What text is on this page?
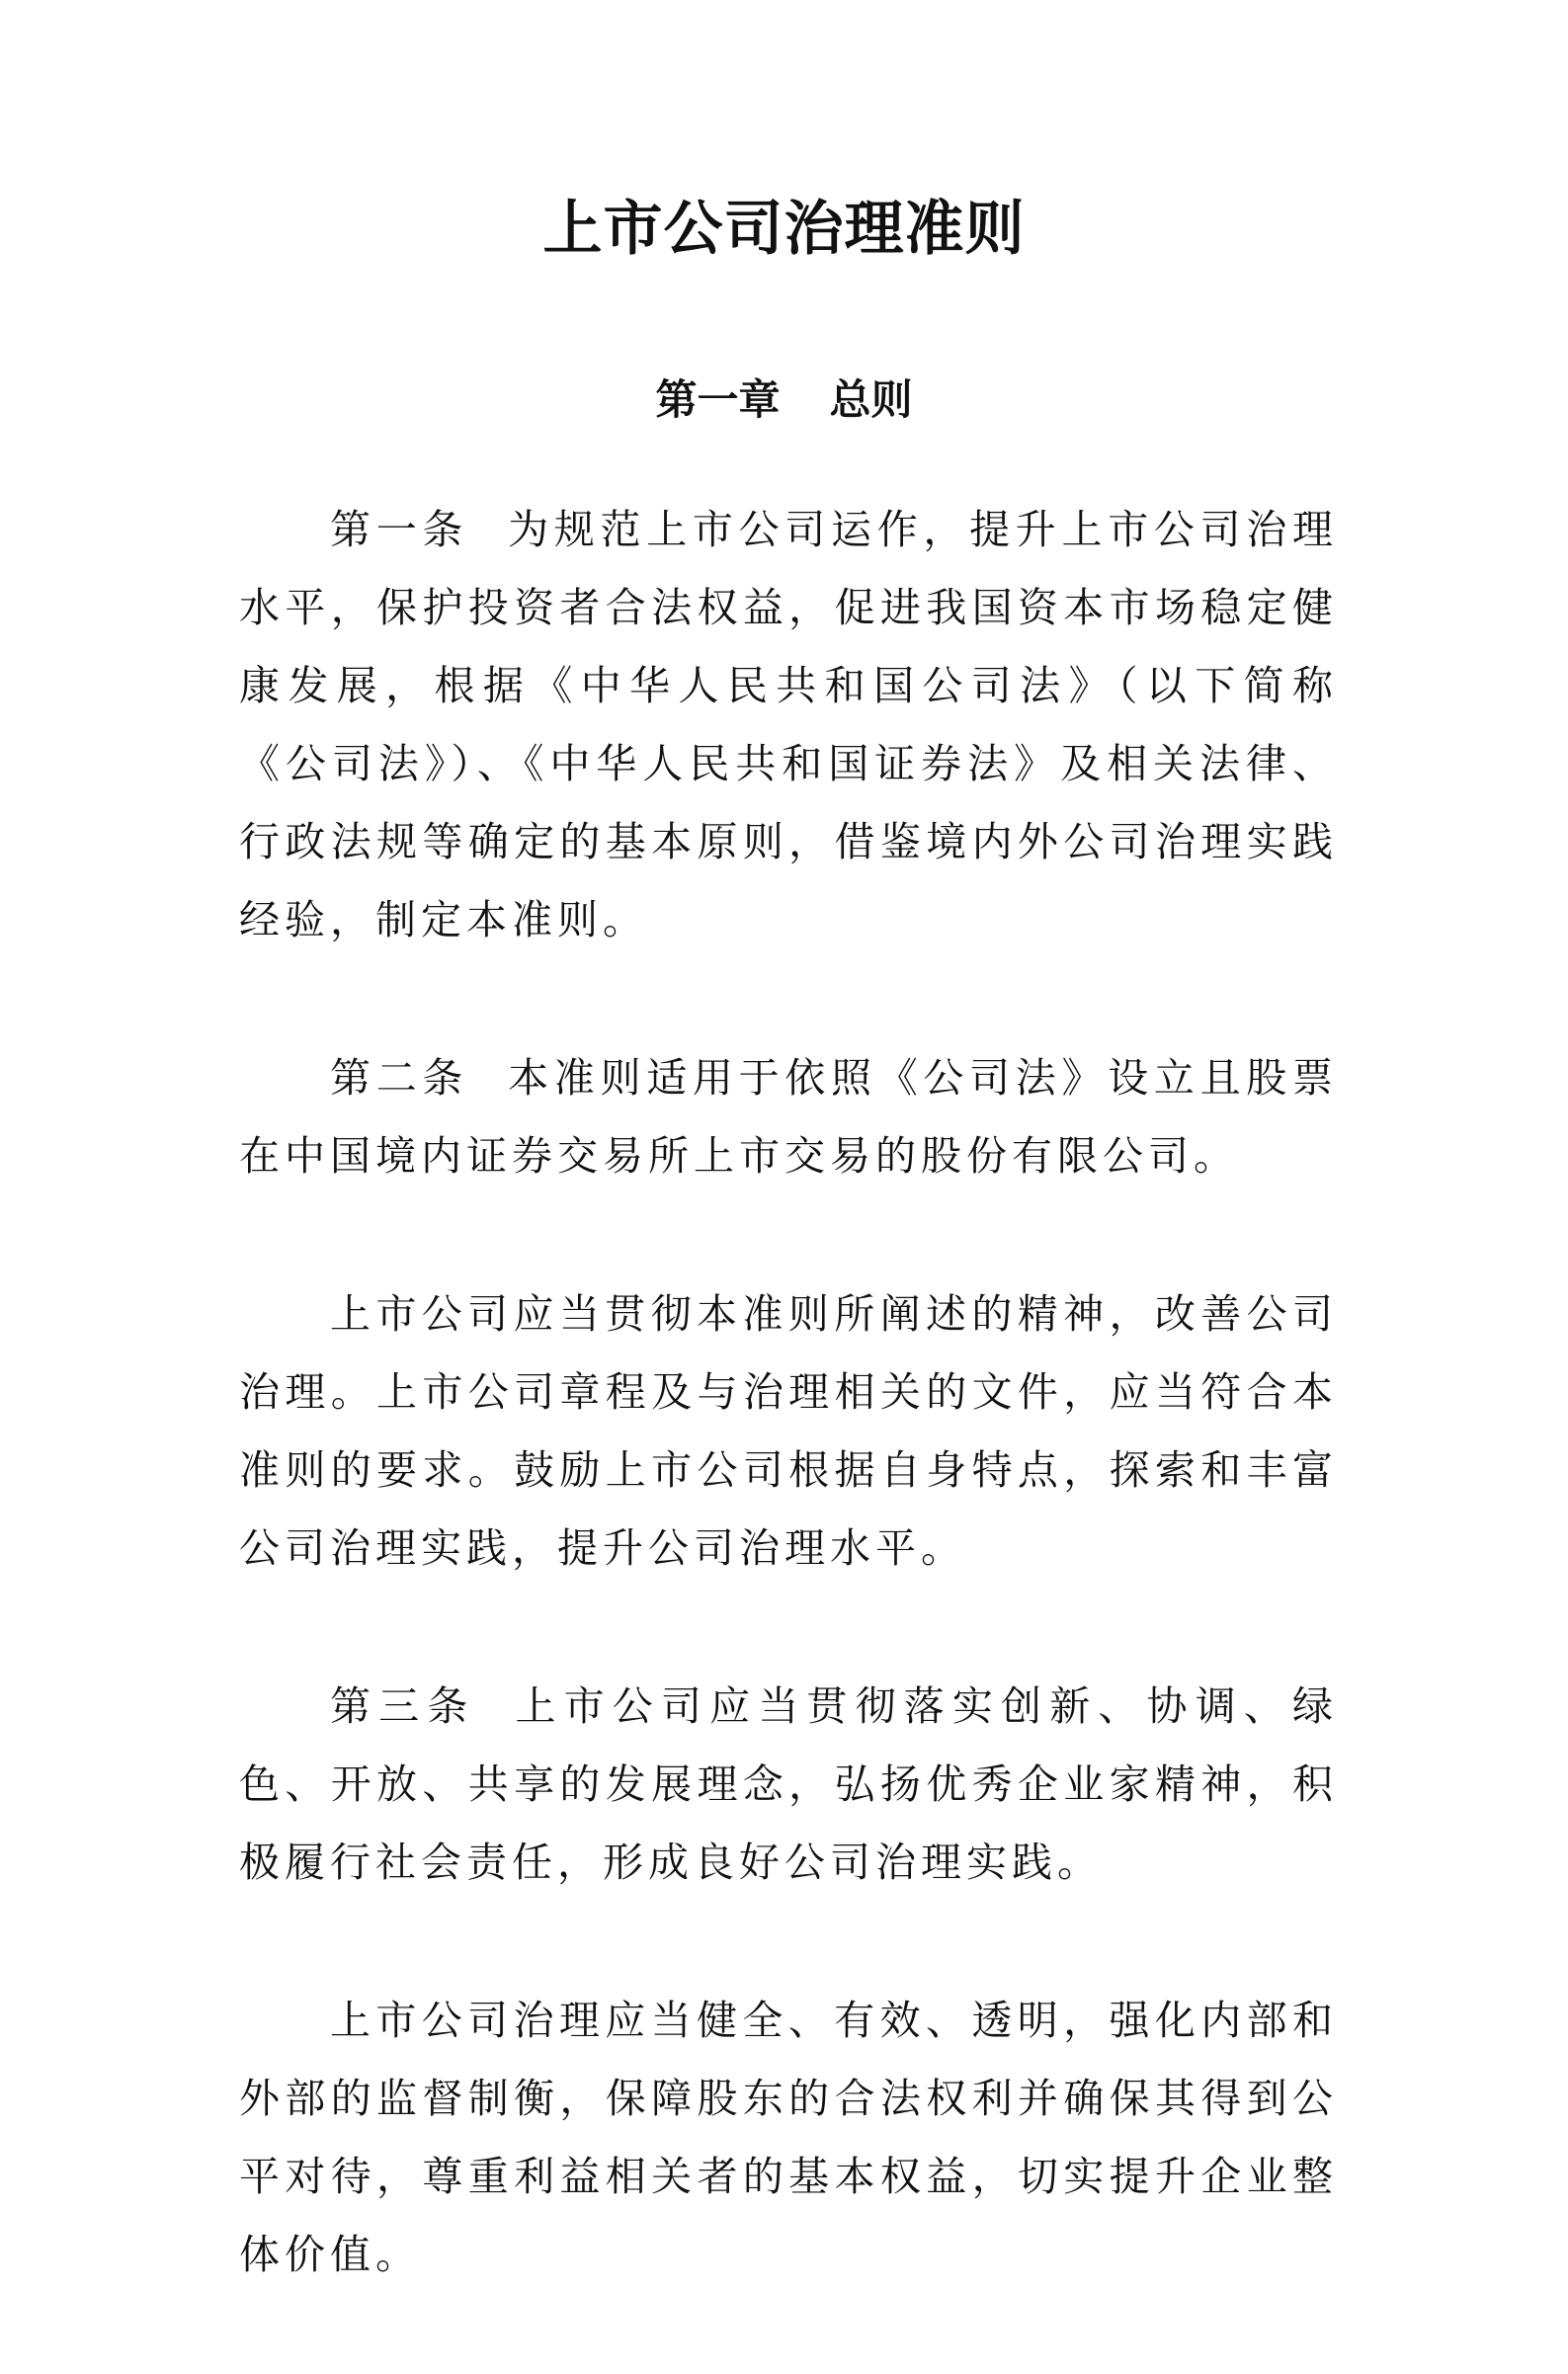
上市公司治理准则
第一章 总则

第一条 为规范上市公司运作，提升上市公司治理水平，保护投资者合法权益，促进我国资本市场稳定健康发展，根据《中华人民共和国公司法》（以下简称《公司法》）、《中华人民共和国证券法》及相关法律、行政法规等确定的基本原则，借鉴境内外公司治理实践经验，制定本准则。

第二条 本准则适用于依照《公司法》设立且股票在中国境内证券交易所上市交易的股份有限公司。

上市公司应当贯彻本准则所阐述的精神，改善公司治理。上市公司章程及与治理相关的文件，应当符合本准则的要求。鼓励上市公司根据自身特点，探索和丰富公司治理实践，提升公司治理水平。

第三条 上市公司应当贯彻落实创新、协调、绿色、开放、共享的发展理念，弘扬优秀企业家精神，积极履行社会责任，形成良好公司治理实践。

上市公司治理应当健全、有效、透明，强化内部和外部的监督制衡，保障股东的合法权利并确保其得到公平对待，尊重利益相关者的基本权益，切实提升企业整体价值。
